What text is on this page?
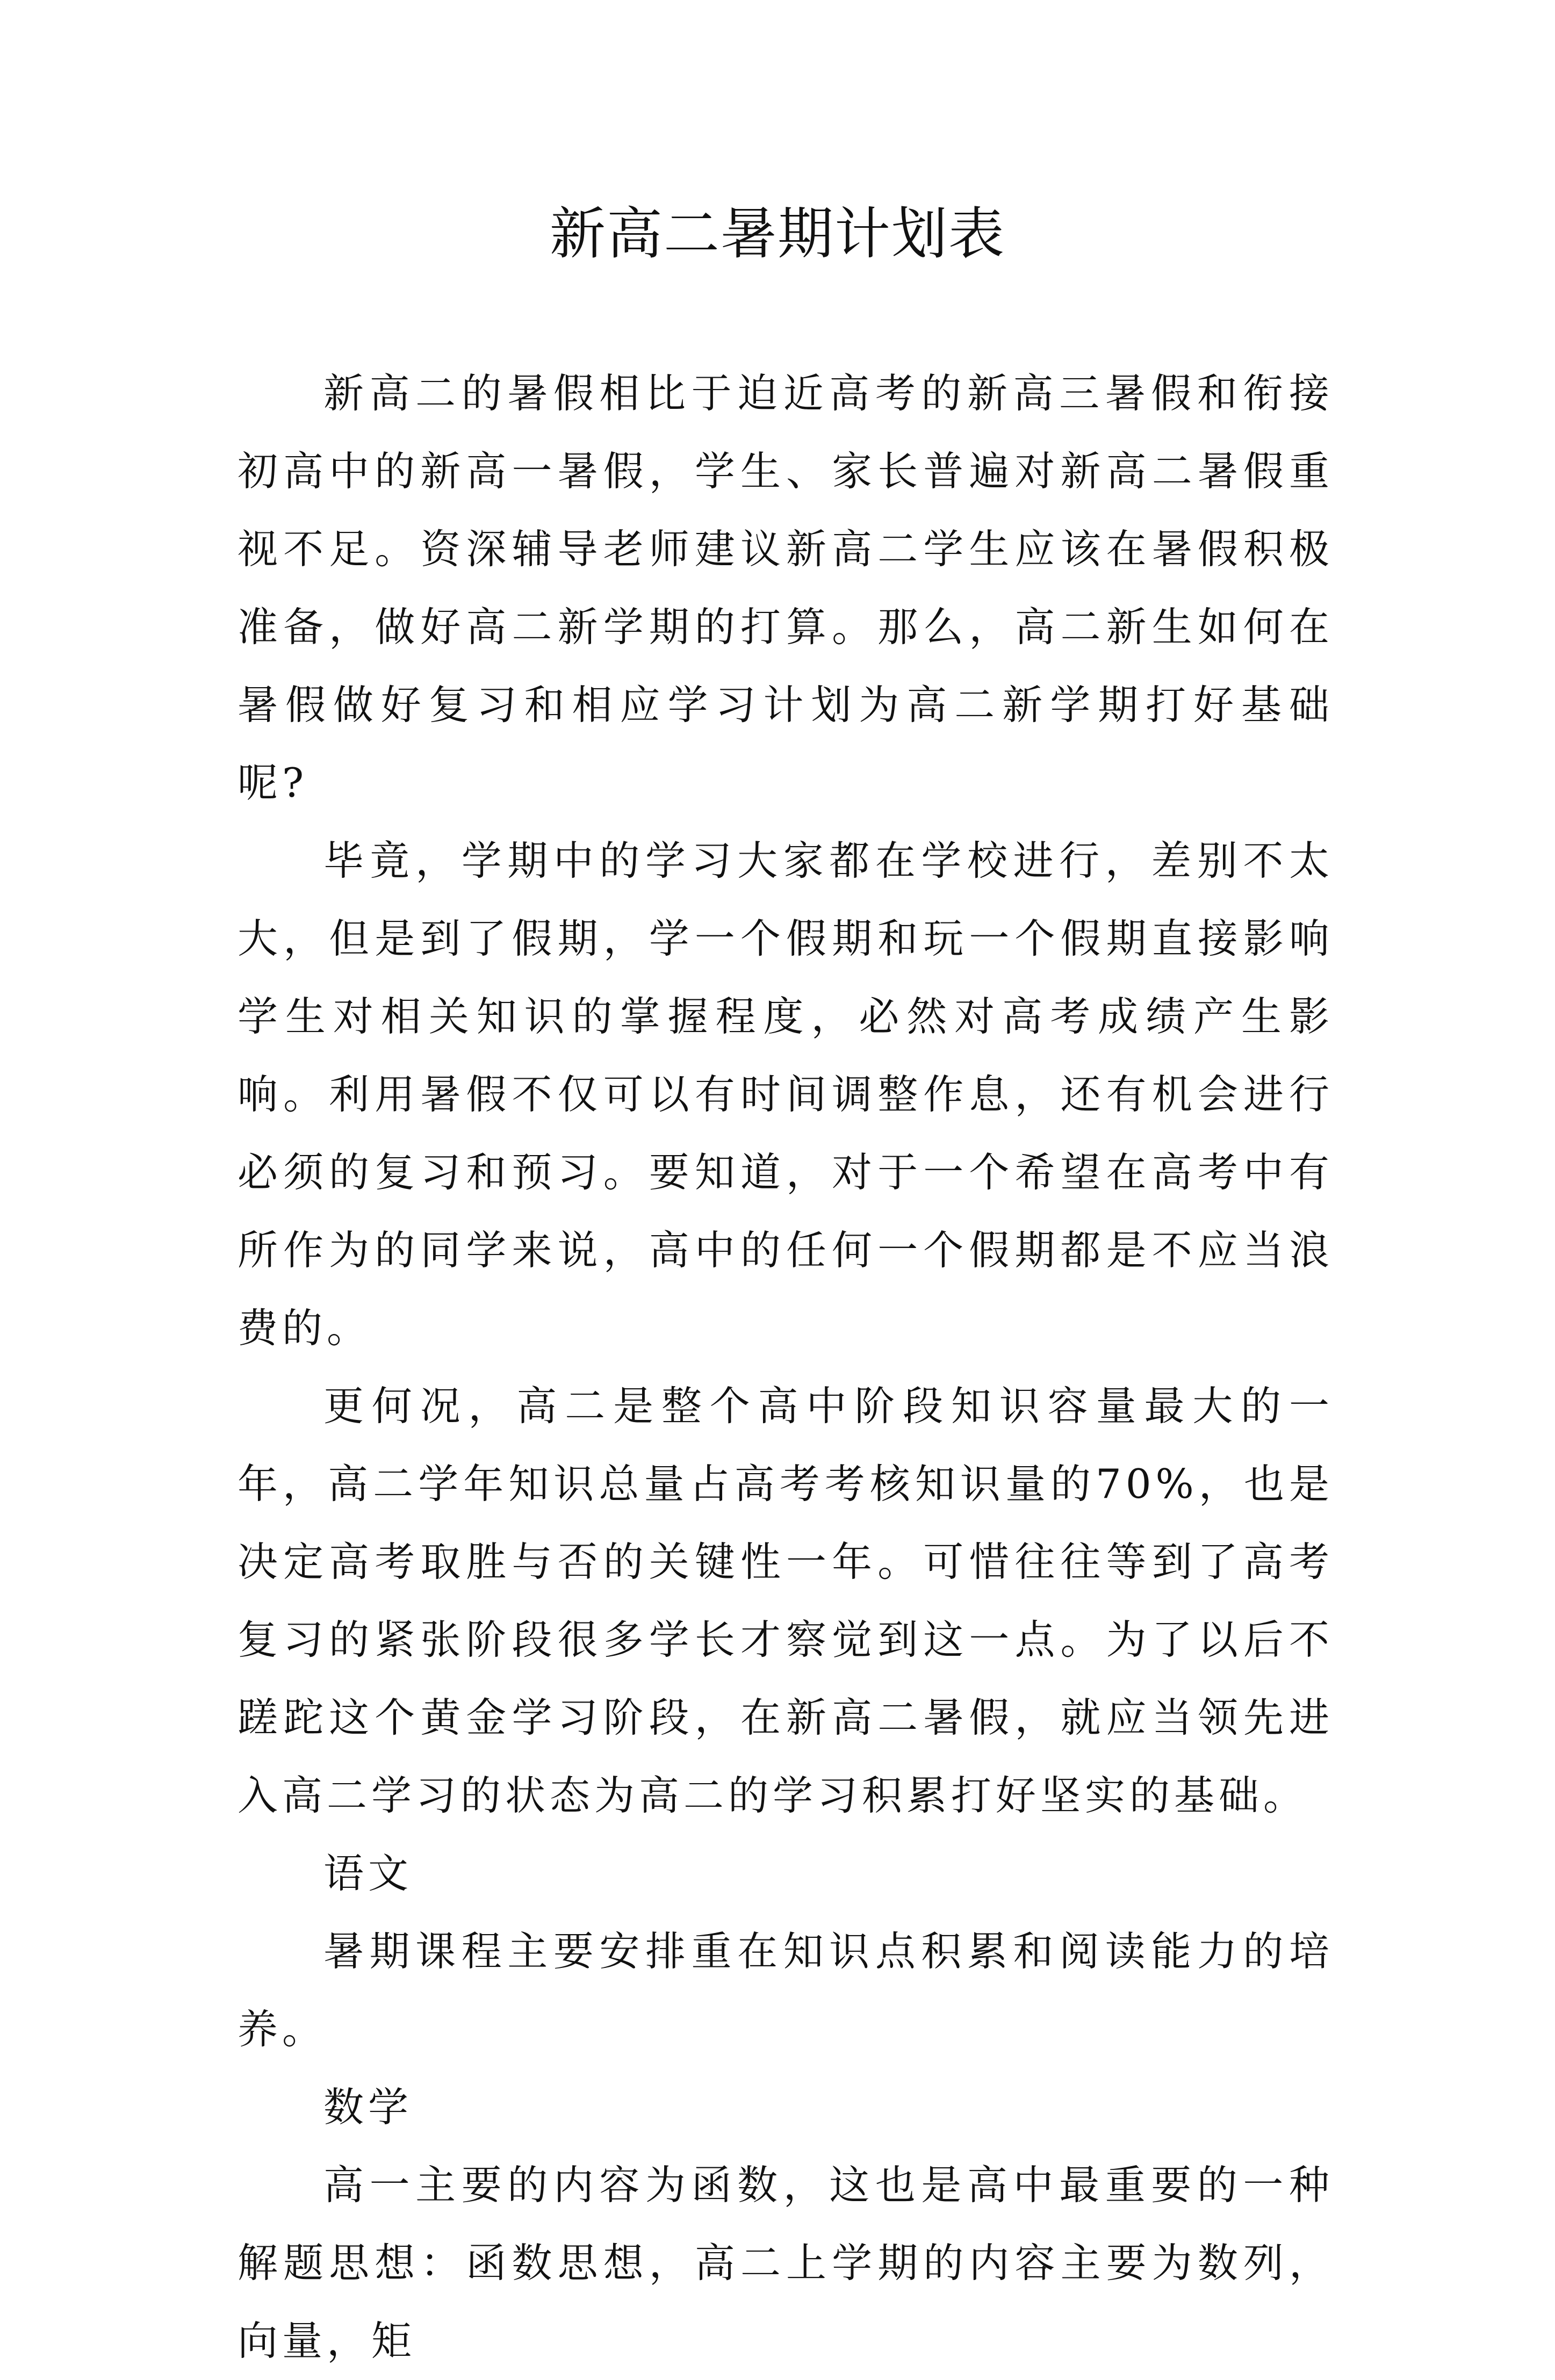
新高二暑期计划表

新高二的暑假相比于迫近高考的新高三暑假和衔接初高中的新高一暑假，学生、家长普遍对新高二暑假重视不足。资深辅导老师建议新高二学生应该在暑假积极准备，做好高二新学期的打算。那么，高二新生如何在暑假做好复习和相应学习计划为高二新学期打好基础呢?

毕竟，学期中的学习大家都在学校进行，差别不太大，但是到了假期，学一个假期和玩一个假期直接影响学生对相关知识的掌握程度，必然对高考成绩产生影响。利用暑假不仅可以有时间调整作息，还有机会进行必须的复习和预习。要知道，对于一个希望在高考中有所作为的同学来说，高中的任何一个假期都是不应当浪费的。

更何况，高二是整个高中阶段知识容量最大的一年，高二学年知识总量占高考考核知识量的70%，也是决定高考取胜与否的关键性一年。可惜往往等到了高考复习的紧张阶段很多学长才察觉到这一点。为了以后不蹉跎这个黄金学习阶段，在新高二暑假，就应当领先进入高二学习的状态为高二的学习积累打好坚实的基础。

语文

暑期课程主要安排重在知识点积累和阅读能力的培养。

数学

高一主要的内容为函数，这也是高中最重要的一种解题思想：函数思想，高二上学期的内容主要为数列，向量，矩
